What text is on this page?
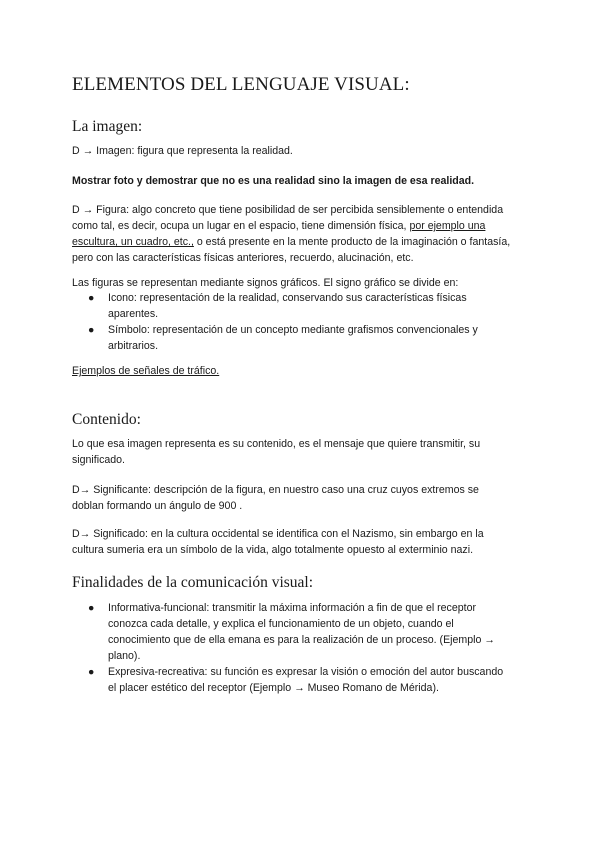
ELEMENTOS DEL LENGUAJE VISUAL:
La imagen:

D → Imagen: figura que representa la realidad.

Mostrar foto y demostrar que no es una realidad sino la imagen de esa realidad.

D → Figura: algo concreto que tiene posibilidad de ser percibida sensiblemente o entendida como tal, es decir, ocupa un lugar en el espacio, tiene dimensión física, por ejemplo una escultura, un cuadro, etc., o está presente en la mente producto de la imaginación o fantasía, pero con las características físicas anteriores, recuerdo, alucinación, etc.

Las figuras se representan mediante signos gráficos. El signo gráfico se divide en:

● Icono: representación de la realidad, conservando sus características físicas aparentes.
● Símbolo: representación de un concepto mediante grafismos convencionales y arbitrarios.

Ejemplos de señales de tráfico.

Contenido:

Lo que esa imagen representa es su contenido, es el mensaje que quiere transmitir, su significado.

D→ Significante: descripción de la figura, en nuestro caso una cruz cuyos extremos se doblan formando un ángulo de 900 .

D→ Significado: en la cultura occidental se identifica con el Nazismo, sin embargo en la cultura sumeria era un símbolo de la vida, algo totalmente opuesto al exterminio nazi.

Finalidades de la comunicación visual:
● Informativa-funcional: transmitir la máxima información a fin de que el receptor conozca cada detalle, y explica el funcionamiento de un objeto, cuando el conocimiento que de ella emana es para la realización de un proceso. (Ejemplo → plano).
● Expresiva-recreativa: su función es expresar la visión o emoción del autor buscando el placer estético del receptor (Ejemplo → Museo Romano de Mérida).
